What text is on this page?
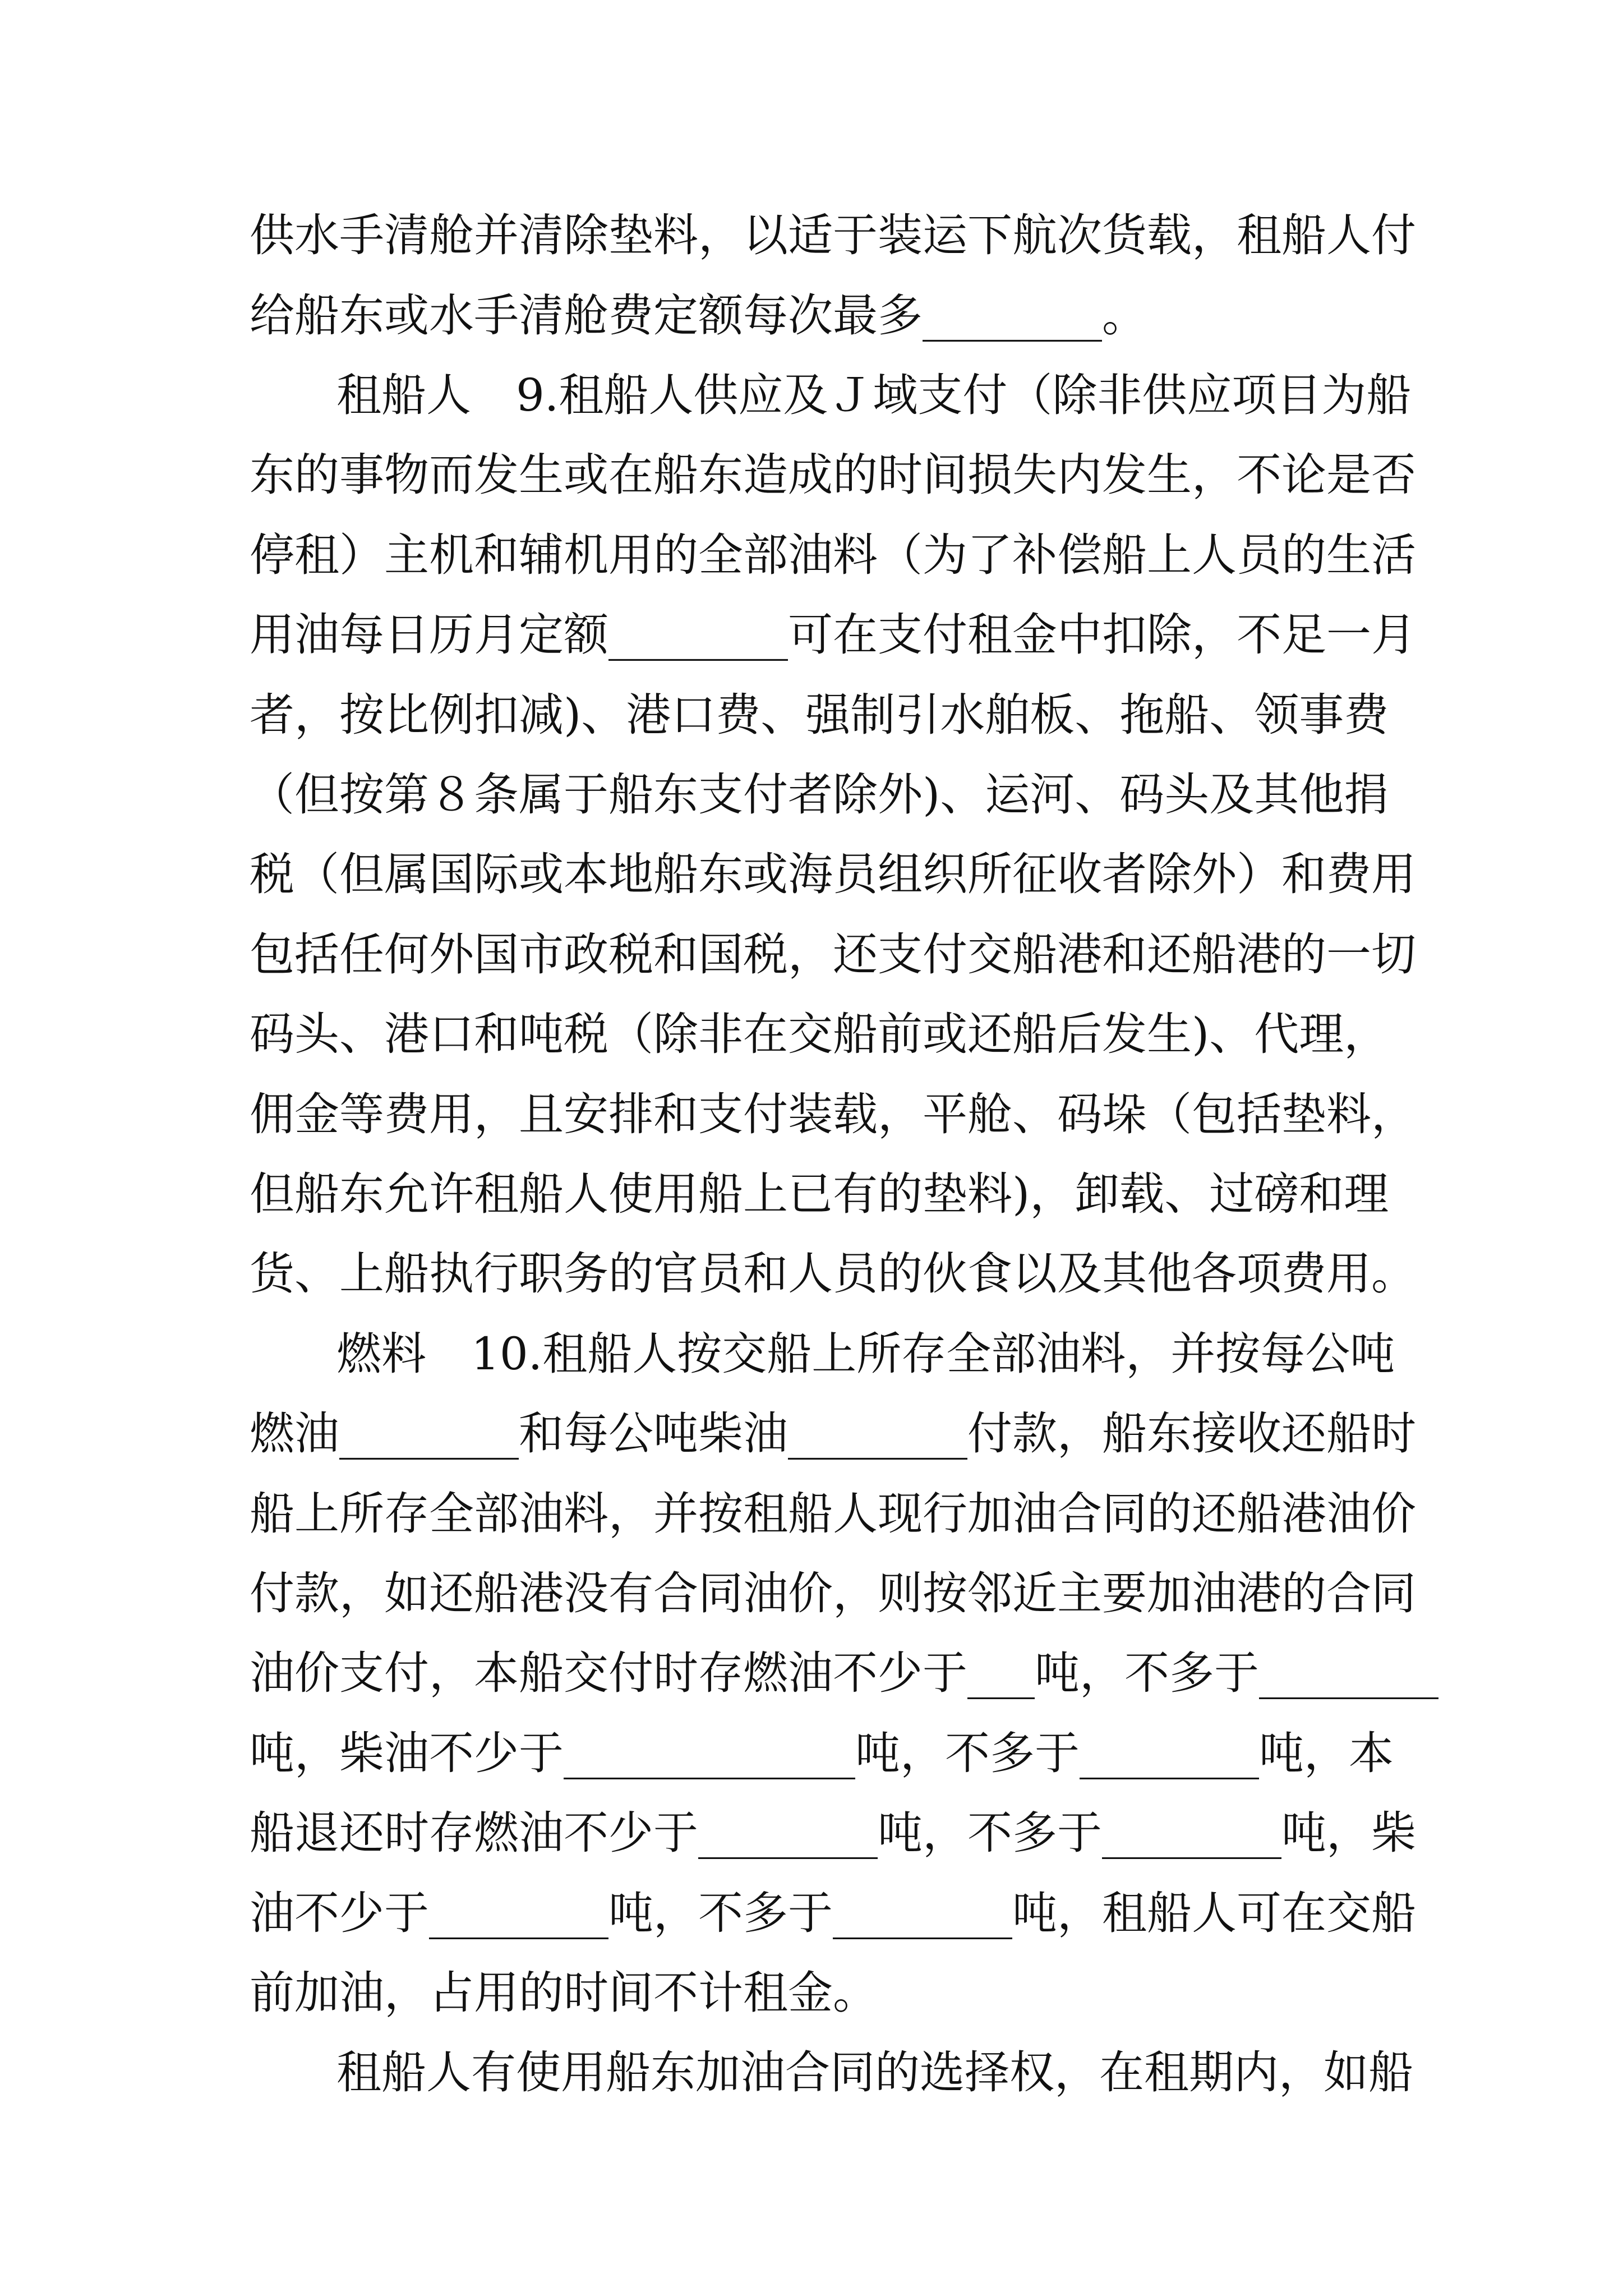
供水手清舱并清除垫料，以适于装运下航次货载，租船人付
给船东或水手清舱费定额每次最多________。
租船人　9.租船人供应及Ｊ域支付（除非供应项目为船
东的事物而发生或在船东造成的时间损失内发生，不论是否
停租）主机和辅机用的全部油料（为了补偿船上人员的生活
用油每日历月定额________可在支付租金中扣除，不足一月
者，按比例扣减)、港口费、强制引水舶板、拖船、领事费
（但按第８条属于船东支付者除外)、运河、码头及其他捐
税（但属国际或本地船东或海员组织所征收者除外）和费用
包括任何外国市政税和国税，还支付交船港和还船港的一切
码头、港口和吨税（除非在交船前或还船后发生)、代理，
佣金等费用，且安排和支付装载，平舱、码垛（包括垫料，
但船东允许租船人使用船上已有的垫料)，卸载、过磅和理
货、上船执行职务的官员和人员的伙食以及其他各项费用。
燃料　10.租船人按交船上所存全部油料，并按每公吨
燃油________和每公吨柴油________付款，船东接收还船时
船上所存全部油料，并按租船人现行加油合同的还船港油价
付款，如还船港没有合同油价，则按邻近主要加油港的合同
油价支付，本船交付时存燃油不少于___吨，不多于________
吨，柴油不少于_____________吨，不多于________吨，本
船退还时存燃油不少于________吨，不多于________吨，柴
油不少于________吨，不多于________吨，租船人可在交船
前加油，占用的时间不计租金。
租船人有使用船东加油合同的选择权，在租期内，如船
